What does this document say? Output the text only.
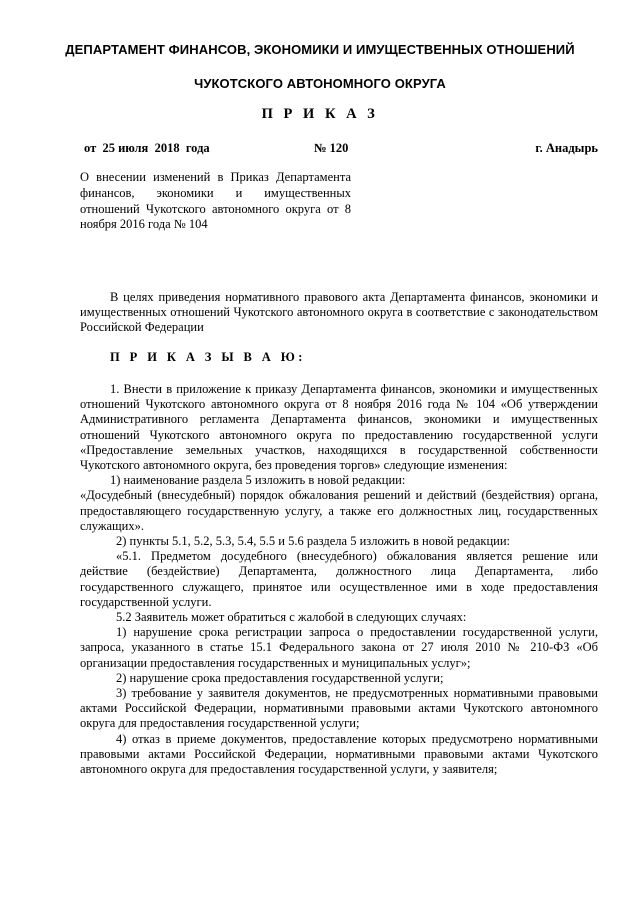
ДЕПАРТАМЕНТ ФИНАНСОВ, ЭКОНОМИКИ И ИМУЩЕСТВЕННЫХ ОТНОШЕНИЙ
ЧУКОТСКОГО АВТОНОМНОГО ОКРУГА
П Р И К А З
от  25 июля  2018  года	№ 120	г. Анадырь
О внесении изменений в Приказ Департамента финансов, экономики и имущественных отношений Чукотского автономного округа от 8 ноября 2016 года № 104

В целях приведения нормативного правового акта Департамента финансов, экономики и имущественных отношений Чукотского автономного округа в соответствие с законодательством Российской Федерации

П Р И К А З Ы В А Ю:

1. Внести в приложение к приказу Департамента финансов, экономики и имущественных отношений Чукотского автономного округа от 8 ноября 2016 года № 104 «Об утверждении Административного регламента Департамента финансов, экономики и имущественных отношений Чукотского автономного округа по предоставлению государственной услуги «Предоставление земельных участков, находящихся в государственной собственности Чукотского автономного округа, без проведения торгов» следующие изменения:

1) наименование раздела 5 изложить в новой редакции:

«Досудебный (внесудебный) порядок обжалования решений и действий (бездействия) органа, предоставляющего государственную услугу, а также его должностных лиц, государственных служащих».

2) пункты 5.1, 5.2, 5.3, 5.4, 5.5 и 5.6 раздела 5 изложить в новой редакции:

«5.1. Предметом досудебного (внесудебного) обжалования является решение или действие (бездействие) Департамента, должностного лица Департамента, либо государственного служащего, принятое или осуществленное ими в ходе предоставления государственной услуги.

5.2 Заявитель может обратиться с жалобой в следующих случаях:

1) нарушение срока регистрации запроса о предоставлении государственной услуги, запроса, указанного в статье 15.1 Федерального закона от 27 июля 2010 № 210-ФЗ «Об организации предоставления государственных и муниципальных услуг»;

2) нарушение срока предоставления государственной услуги;

3) требование у заявителя документов, не предусмотренных нормативными правовыми актами Российской Федерации, нормативными правовыми актами Чукотского автономного округа для предоставления государственной услуги;

4) отказ в приеме документов, предоставление которых предусмотрено нормативными правовыми актами Российской Федерации, нормативными правовыми актами Чукотского автономного округа для предоставления государственной услуги, у заявителя;
